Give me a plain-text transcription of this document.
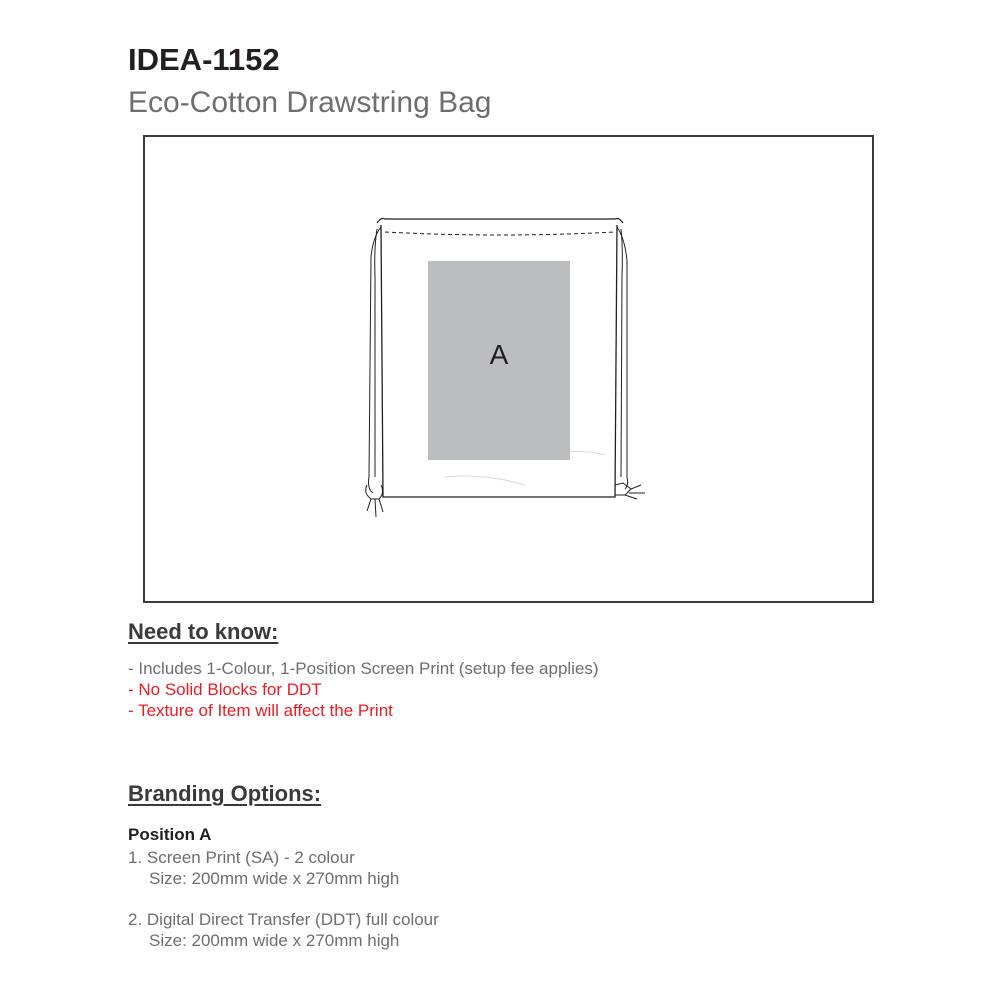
IDEA-1152
Eco-Cotton Drawstring Bag
A
Need to know:
- Includes 1-Colour, 1-Position Screen Print (setup fee applies)
- No Solid Blocks for DDT
- Texture of Item will affect the Print
Branding Options:
Position A
1. Screen Print (SA) - 2 colour
Size: 200mm wide x 270mm high
2. Digital Direct Transfer (DDT) full colour
Size: 200mm wide x 270mm high
